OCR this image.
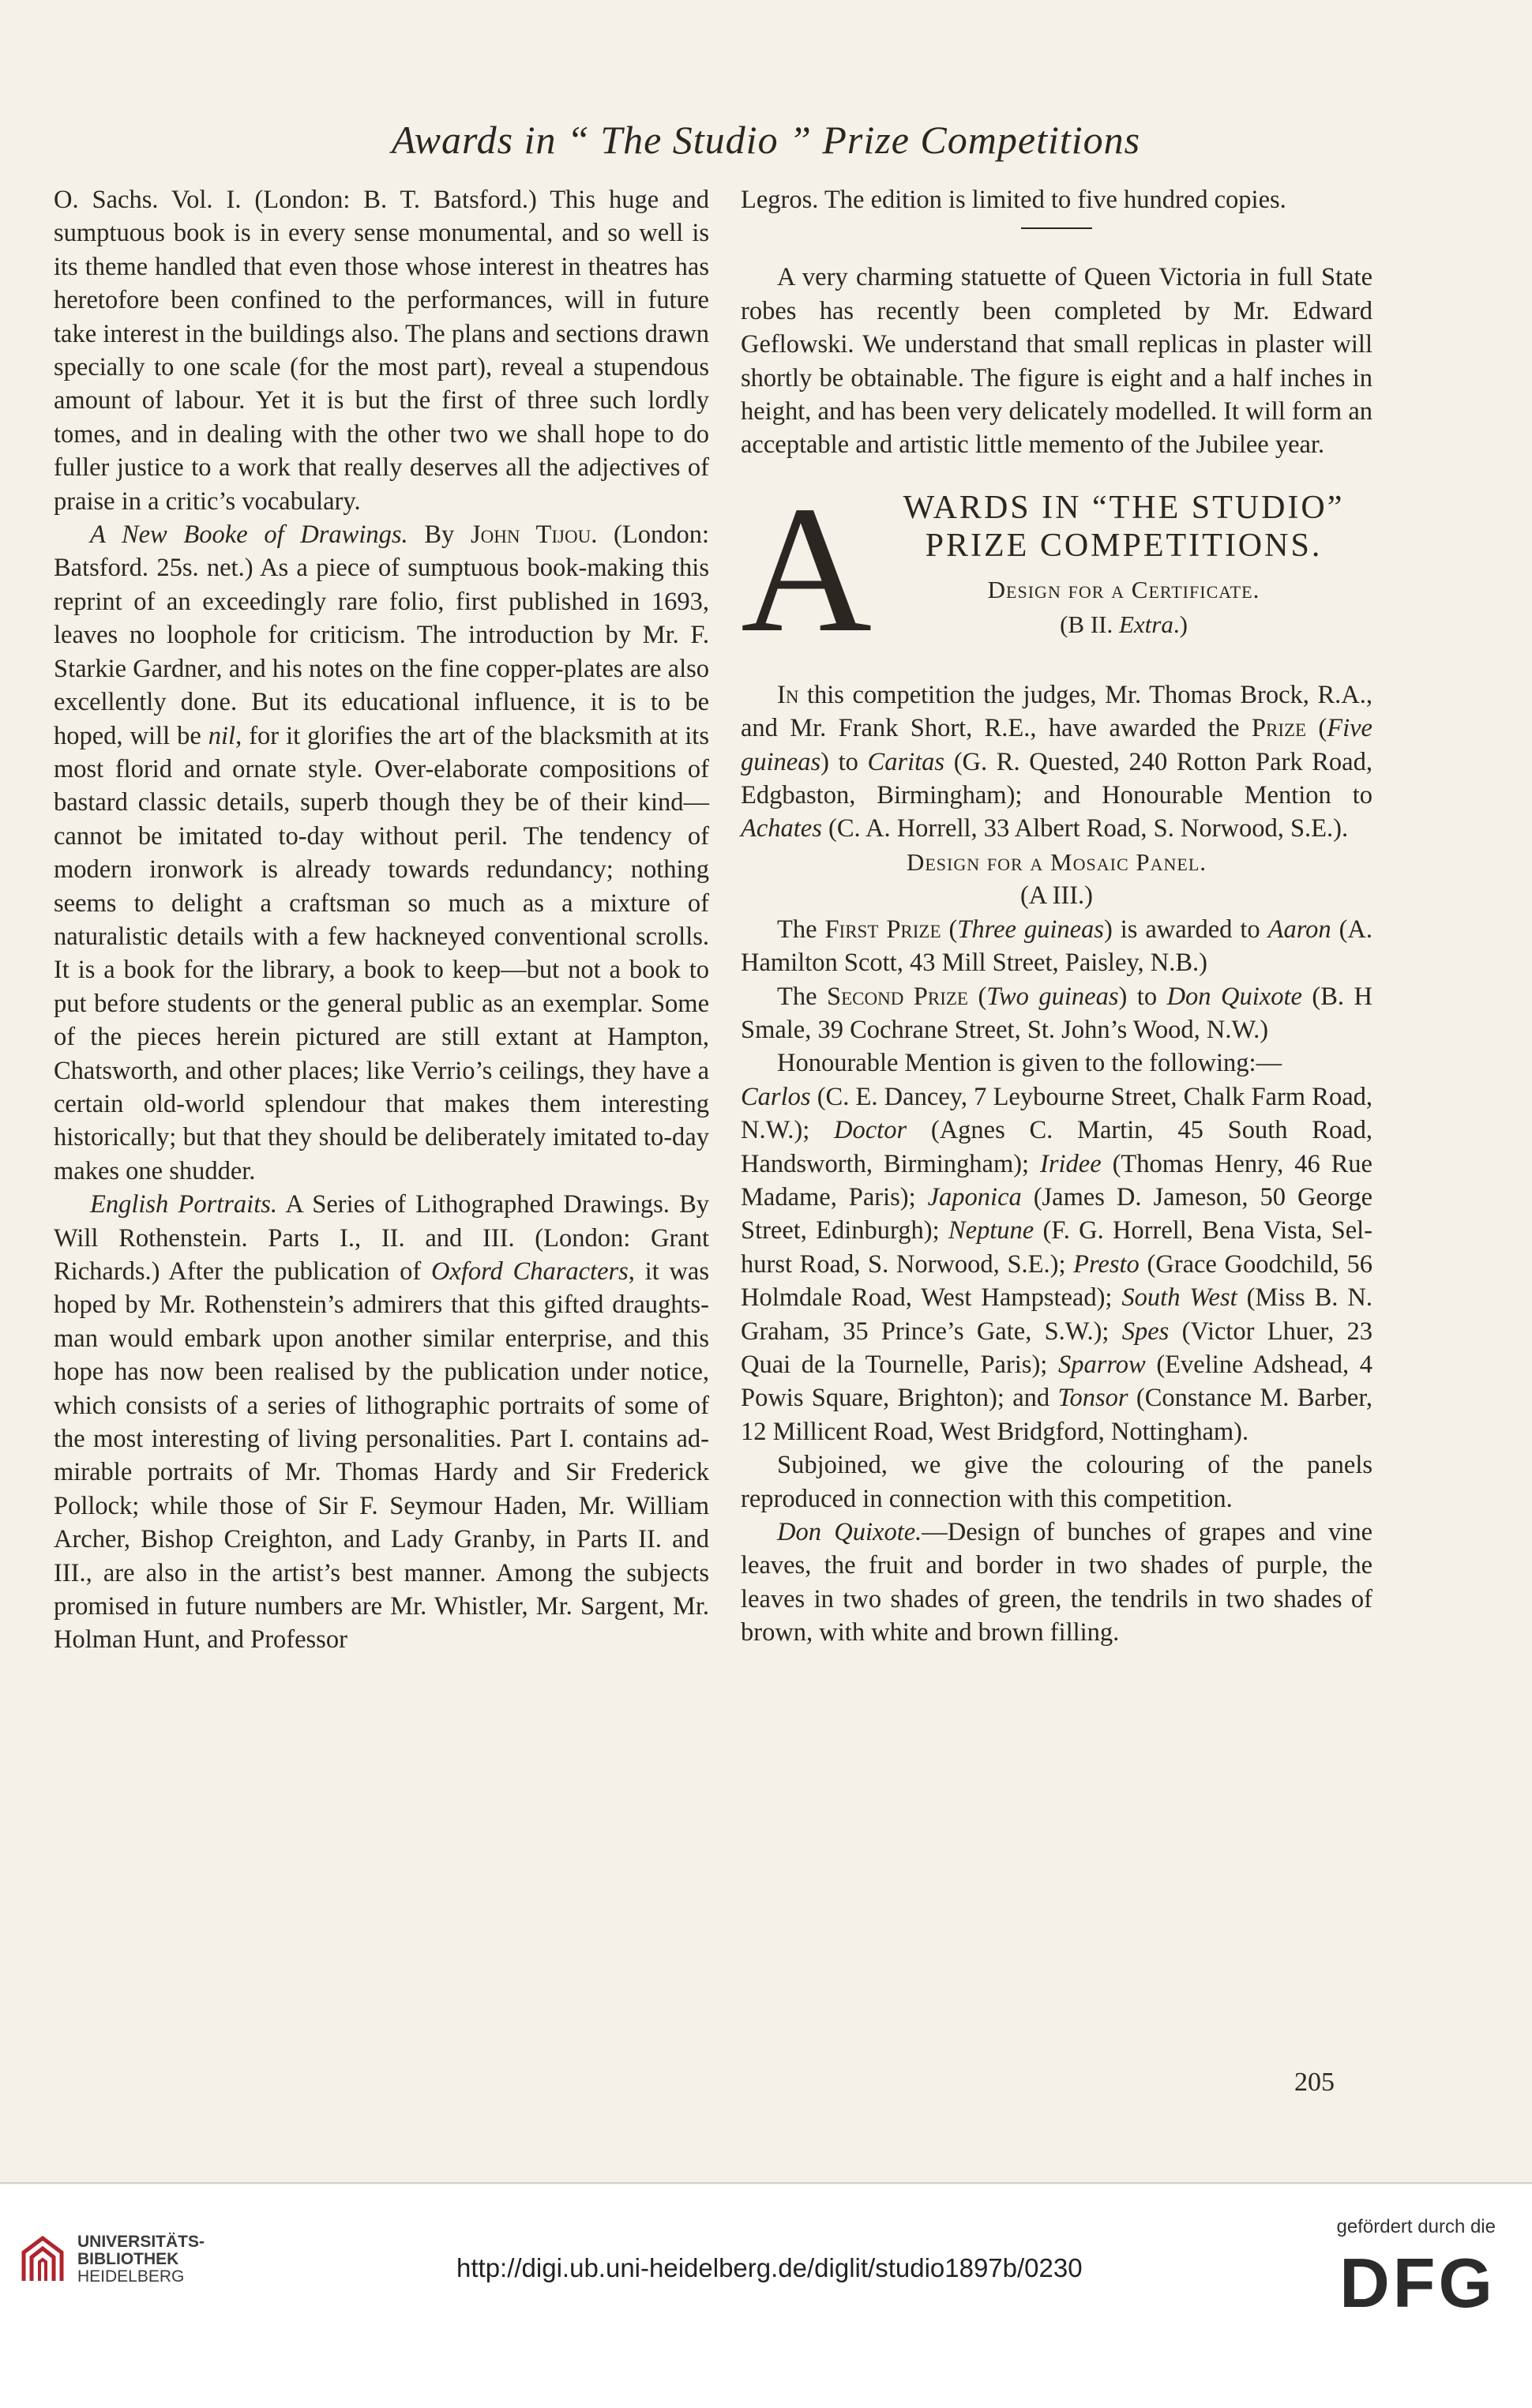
Awards in “ The Studio ” Prize Competitions

O. Sachs. Vol. I. (London: B. T. Batsford.) This huge and sumptuous book is in every sense monumental, and so well is its theme handled that even those whose interest in theatres has heretofore been confined to the performances, will in future take interest in the buildings also. The plans and sections drawn specially to one scale (for the most part), reveal a stupendous amount of labour. Yet it is but the first of three such lordly tomes, and in dealing with the other two we shall hope to do fuller justice to a work that really deserves all the adjectives of praise in a critic’s vocabulary.

A New Booke of Drawings. By John Tijou. (London: Batsford. 25s. net.) As a piece of sumptuous book-making this reprint of an exceedingly rare folio, first published in 1693, leaves no loophole for criticism. The introduction by Mr. F. Starkie Gardner, and his notes on the fine copper-plates are also excellently done. But its educational influence, it is to be hoped, will be nil, for it glorifies the art of the blacksmith at its most florid and ornate style. Over-elaborate compositions of bastard classic details, superb though they be of their kind—cannot be imitated to-day without peril. The tendency of modern ironwork is already towards redundancy; nothing seems to delight a craftsman so much as a mixture of naturalistic details with a few hackneyed conventional scrolls. It is a book for the library, a book to keep—but not a book to put before students or the general public as an exemplar. Some of the pieces herein pictured are still extant at Hampton, Chatsworth, and other places; like Verrio’s ceilings, they have a certain old-world splendour that makes them interesting historically; but that they should be deliberately imitated to-day makes one shudder.

English Portraits. A Series of Lithographed Drawings. By Will Rothenstein. Parts I., II. and III. (London: Grant Richards.) After the publication of Oxford Characters, it was hoped by Mr. Rothenstein’s admirers that this gifted draughtsman would embark upon another similar enterprise, and this hope has now been realised by the publication under notice, which consists of a series of lithographic portraits of some of the most interesting of living personalities. Part I. contains admirable portraits of Mr. Thomas Hardy and Sir Frederick Pollock; while those of Sir F. Seymour Haden, Mr. William Archer, Bishop Creighton, and Lady Granby, in Parts II. and III., are also in the artist’s best manner. Among the subjects promised in future numbers are Mr. Whistler, Mr. Sargent, Mr. Holman Hunt, and Professor

Legros. The edition is limited to five hundred copies.

A very charming statuette of Queen Victoria in full State robes has recently been completed by Mr. Edward Geflowski. We understand that small replicas in plaster will shortly be obtainable. The figure is eight and a half inches in height, and has been very delicately modelled. It will form an acceptable and artistic little memento of the Jubilee year.

A WARDS IN “THE STUDIO”
PRIZE COMPETITIONS.
Design for a Certificate.
(B II. Extra.)

In this competition the judges, Mr. Thomas Brock, R.A., and Mr. Frank Short, R.E., have awarded the Prize (Five guineas) to Caritas (G. R. Quested, 240 Rotton Park Road, Edgbaston, Birmingham); and Honourable Mention to Achates (C. A. Horrell, 33 Albert Road, S. Norwood, S.E.).

Design for a Mosaic Panel.

(A III.)

The First Prize (Three guineas) is awarded to Aaron (A. Hamilton Scott, 43 Mill Street, Paisley, N.B.)

The Second Prize (Two guineas) to Don Quixote (B. H Smale, 39 Cochrane Street, St. John’s Wood, N.W.)

Honourable Mention is given to the following:—

Carlos (C. E. Dancey, 7 Leybourne Street, Chalk Farm Road, N.W.); Doctor (Agnes C. Martin, 45 South Road, Handsworth, Birmingham); Iridee (Thomas Henry, 46 Rue Madame, Paris); Japonica (James D. Jameson, 50 George Street, Edinburgh); Neptune (F. G. Horrell, Bena Vista, Selhurst Road, S. Norwood, S.E.); Presto (Grace Goodchild, 56 Holmdale Road, West Hampstead); South West (Miss B. N. Graham, 35 Prince’s Gate, S.W.); Spes (Victor Lhuer, 23 Quai de la Tournelle, Paris); Sparrow (Eveline Adshead, 4 Powis Square, Brighton); and Tonsor (Constance M. Barber, 12 Millicent Road, West Bridgford, Nottingham).

Subjoined, we give the colouring of the panels reproduced in connection with this competition.

Don Quixote.—Design of bunches of grapes and vine leaves, the fruit and border in two shades of purple, the leaves in two shades of green, the tendrils in two shades of brown, with white and brown filling.

205
UNIVERSITÄTS-
BIBLIOTHEK
HEIDELBERG	http://digi.ub.uni-heidelberg.de/diglit/studio1897b/0230
gefördert durch die
DFG
